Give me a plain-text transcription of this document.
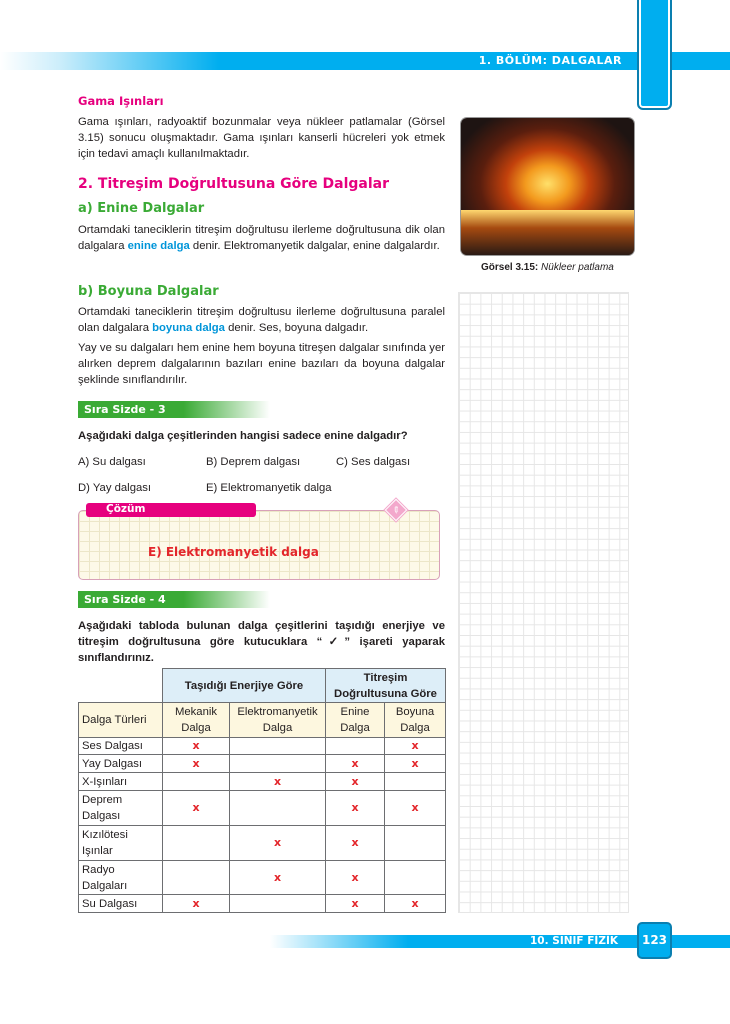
1. BÖLÜM: DALGALAR
Gama Işınları

Gama ışınları, radyoaktif bozunmalar veya nükleer patlamalar (Görsel 3.15) sonucu oluşmaktadır. Gama ışınları kanserli hücreleri yok etmek için tedavi amaçlı kullanılmaktadır.

2. Titreşim Doğrultusuna Göre Dalgalar
a) Enine Dalgalar

Ortamdaki taneciklerin titreşim doğrultusu ilerleme doğrultusuna dik olan dalgalara enine dalga denir. Elektromanyetik dalgalar, enine dalgalardır.

b) Boyuna Dalgalar

Ortamdaki taneciklerin titreşim doğrultusu ilerleme doğrultusuna paralel olan dalgalara boyuna dalga denir. Ses, boyuna dalgadır.

Yay ve su dalgaları hem enine hem boyuna titreşen dalgalar sınıfında yer alırken deprem dalgalarının bazıları enine bazıları da boyuna dalgalar şeklinde sınıflandırılır.

Görsel 3.15: Nükleer patlama
Sıra Sizde - 3
Aşağıdaki dalga çeşitlerinden hangisi sadece enine dalgadır?
A) Su dalgası	B) Deprem dalgası	C) Ses dalgası
D) Yay dalgası	E) Elektromanyetik dalga
Çözüm	✎
E) Elektromanyetik dalga
Sıra Sizde - 4

Aşağıdaki tabloda bulunan dalga çeşitlerini taşıdığı enerjiye ve titreşim doğrultusuna göre kutucuklara “✓” işareti yaparak sınıflandırınız.

	Taşıdığı Enerjiye Göre		Titreşim Doğrultusuna Göre	
Dalga Türleri	Mekanik Dalga	Elektromanyetik Dalga	Enine Dalga	Boyuna Dalga
Ses Dalgası	x			x
Yay Dalgası	x		x	x
X-Işınları		x	x	
Deprem Dalgası	x		x	x
Kızılötesi Işınlar		x	x	
Radyo Dalgaları		x	x	
Su Dalgası	x		x	x
10. SINIF FİZİK	123
